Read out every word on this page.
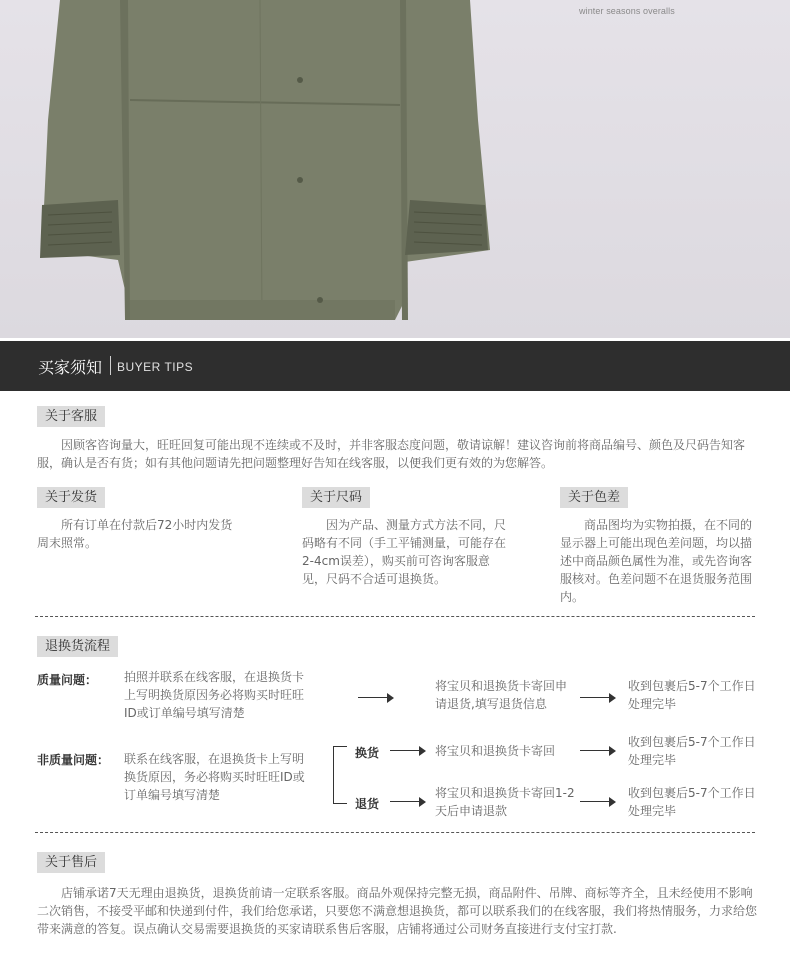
winter seasons overalls
买家须知 BUYER TIPS
关于客服
因顾客咨询量大，旺旺回复可能出现不连续或不及时，并非客服态度问题，敬请谅解！建议咨询前将商品编号、颜色及尺码告知客服，确认是否有货；如有其他问题请先把问题整理好告知在线客服，以便我们更有效的为您解答。
关于发货
所有订单在付款后72小时内发货周末照常。
关于尺码
因为产品、测量方式方法不同，尺码略有不同（手工平铺测量，可能存在2-4cm误差），购买前可咨询客服意见，尺码不合适可退换货。
关于色差
商品图均为实物拍摄，在不同的显示器上可能出现色差问题，均以描述中商品颜色属性为准，或先咨询客服核对。色差问题不在退货服务范围内。
退换货流程
质量问题： 拍照并联系在线客服，在退换货卡上写明换货原因务必将购买时旺旺ID或订单编号填写清楚
将宝贝和退换货卡寄回申请退货,填写退货信息
收到包裹后5-7个工作日处理完毕
非质量问题： 联系在线客服，在退换货卡上写明换货原因，务必将购买时旺旺ID或订单编号填写清楚
换货	将宝贝和退换货卡寄回
收到包裹后5-7个工作日处理完毕
退货
将宝贝和退换货卡寄回1-2天后申请退款
收到包裹后5-7个工作日处理完毕
关于售后
店铺承诺7天无理由退换货，退换货前请一定联系客服。商品外观保持完整无损，商品附件、吊牌、商标等齐全，且未经使用不影响二次销售，不接受平邮和快递到付件，我们给您承诺，只要您不满意想退换货，都可以联系我们的在线客服，我们将热情服务，力求给您带来满意的答复。误点确认交易需要退换货的买家请联系售后客服，店铺将通过公司财务直接进行支付宝打款.
